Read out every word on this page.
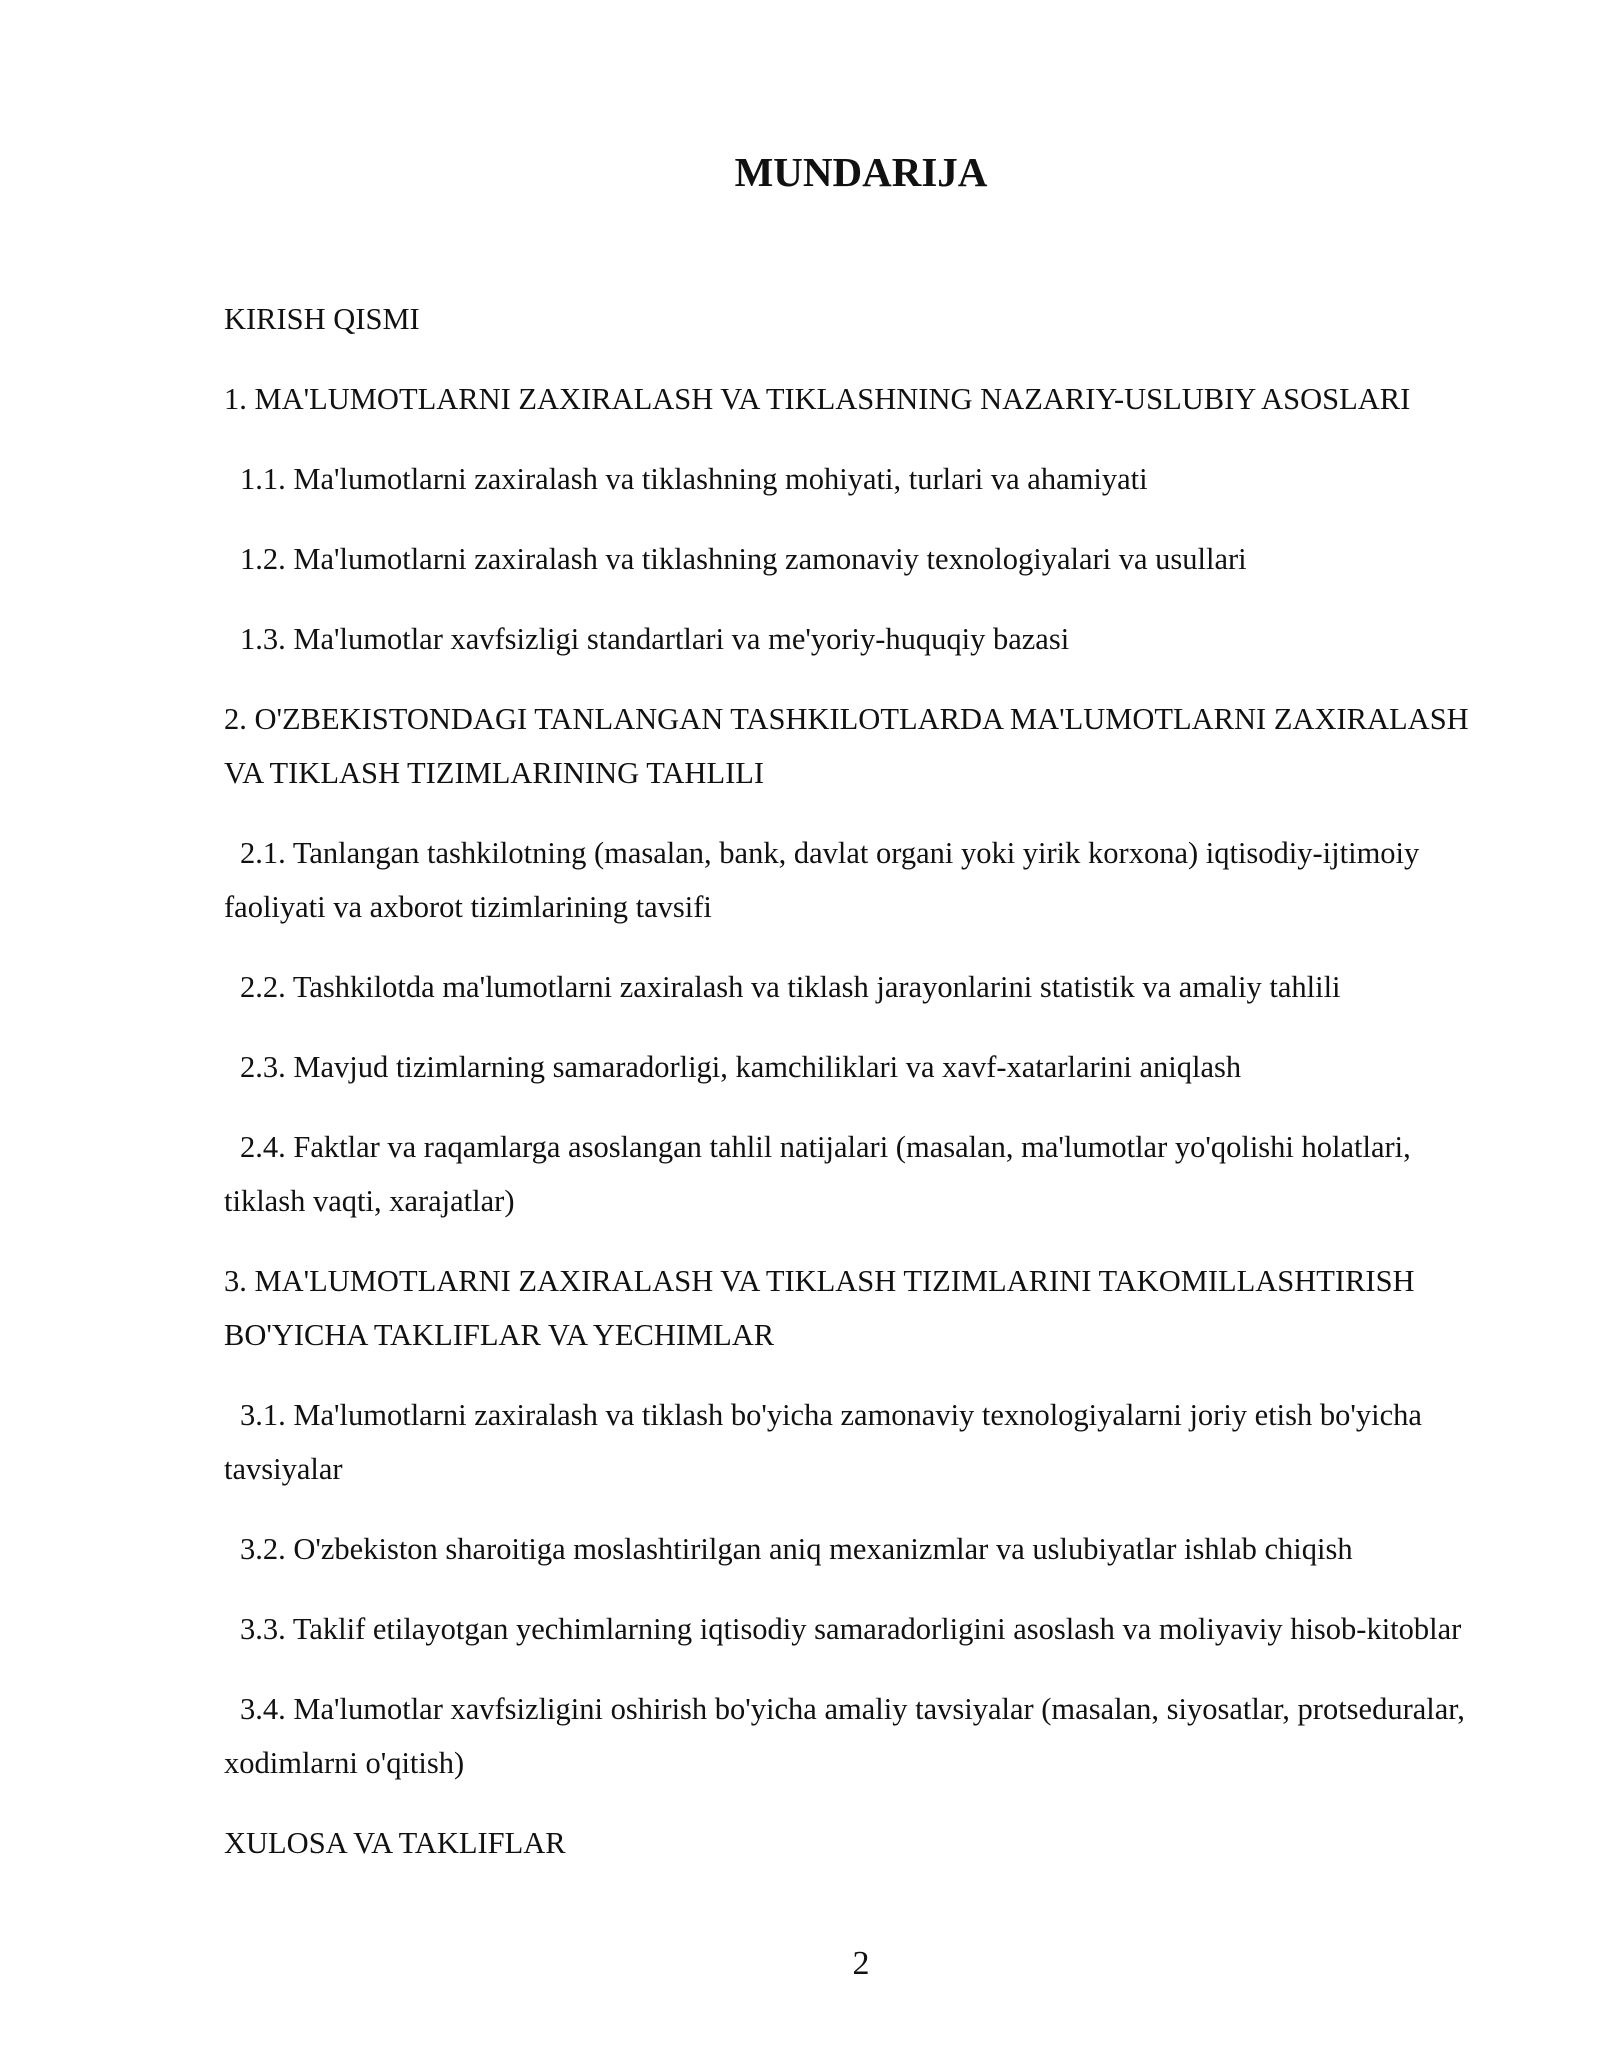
MUNDARIJA
KIRISH QISMI
1. MA'LUMOTLARNI ZAXIRALASH VA TIKLASHNING NAZARIY-USLUBIY ASOSLARI
1.1. Ma'lumotlarni zaxiralash va tiklashning mohiyati, turlari va ahamiyati
1.2. Ma'lumotlarni zaxiralash va tiklashning zamonaviy texnologiyalari va usullari
1.3. Ma'lumotlar xavfsizligi standartlari va me'yoriy-huquqiy bazasi
2. O'ZBEKISTONDAGI TANLANGAN TASHKILOTLARDA MA'LUMOTLARNI ZAXIRALASH VA TIKLASH TIZIMLARINING TAHLILI
2.1. Tanlangan tashkilotning (masalan, bank, davlat organi yoki yirik korxona) iqtisodiy-ijtimoiy faoliyati va axborot tizimlarining tavsifi
2.2. Tashkilotda ma'lumotlarni zaxiralash va tiklash jarayonlarini statistik va amaliy tahlili
2.3. Mavjud tizimlarning samaradorligi, kamchiliklari va xavf-xatarlarini aniqlash
2.4. Faktlar va raqamlarga asoslangan tahlil natijalari (masalan, ma'lumotlar yo'qolishi holatlari, tiklash vaqti, xarajatlar)
3. MA'LUMOTLARNI ZAXIRALASH VA TIKLASH TIZIMLARINI TAKOMILLASHTIRISH BO'YICHA TAKLIFLAR VA YECHIMLAR
3.1. Ma'lumotlarni zaxiralash va tiklash bo'yicha zamonaviy texnologiyalarni joriy etish bo'yicha tavsiyalar
3.2. O'zbekiston sharoitiga moslashtirilgan aniq mexanizmlar va uslubiyatlar ishlab chiqish
3.3. Taklif etilayotgan yechimlarning iqtisodiy samaradorligini asoslash va moliyaviy hisob-kitoblar
3.4. Ma'lumotlar xavfsizligini oshirish bo'yicha amaliy tavsiyalar (masalan, siyosatlar, protseduralar, xodimlarni o'qitish)
XULOSA VA TAKLIFLAR
2
